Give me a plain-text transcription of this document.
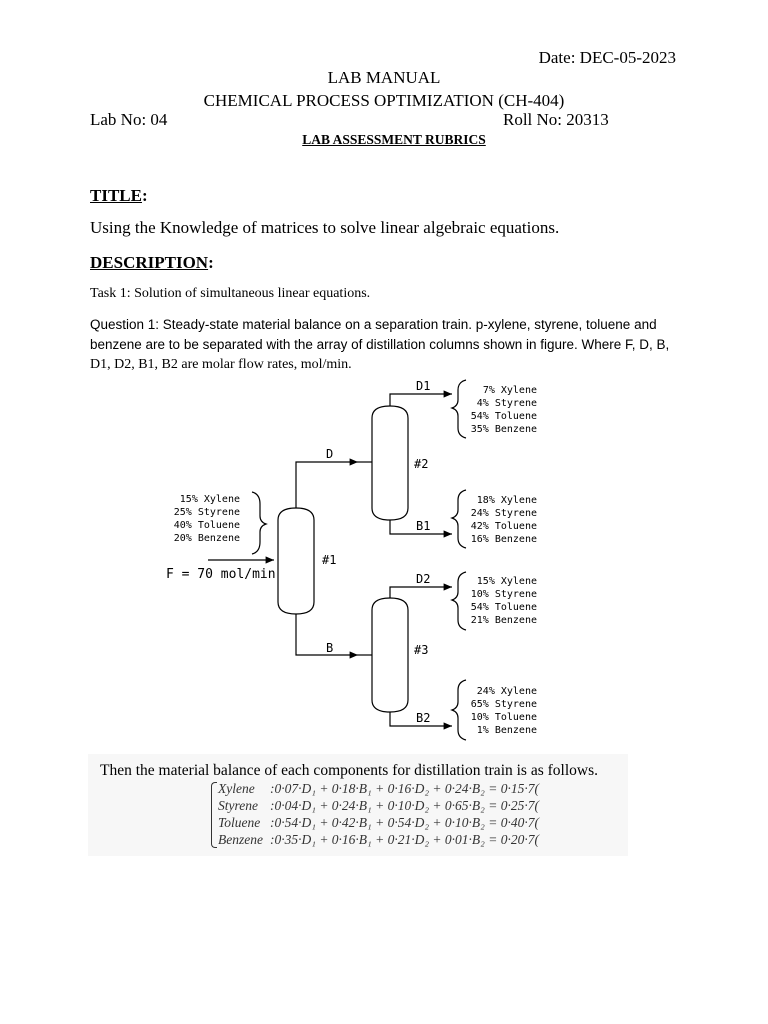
Date: DEC-05-2023
LAB MANUAL
CHEMICAL PROCESS OPTIMIZATION (CH-404)
Lab No: 04	Roll No: 20313
LAB ASSESSMENT RUBRICS
TITLE:
Using the Knowledge of matrices to solve linear algebraic equations.
DESCRIPTION:
Task 1: Solution of simultaneous linear equations.
Question 1: Steady-state material balance on a separation train. p-xylene, styrene, toluene and benzene are to be separated with the array of distillation columns shown in figure. Where F, D, B, D1, D2, B1, B2 are molar flow rates, mol/min.
15% Xylene
25% Styrene
40% Toluene
20% Benzene
F = 70 mol/min
#1
#2
#3
D
B
D1
B1
D2
B2
7% Xylene
4% Styrene
54% Toluene
35% Benzene
18% Xylene
24% Styrene
42% Toluene
16% Benzene
15% Xylene
10% Styrene
54% Toluene
21% Benzene
24% Xylene
65% Styrene
10% Toluene
1% Benzene
Then the material balance of each components for distillation train is as follows.
Xylene :0·07·D₁ + 0·18·B₁ + 0·16·D₂ + 0·24·B₂ = 0·15·7(
Styrene :0·04·D₁ + 0·24·B₁ + 0·10·D₂ + 0·65·B₂ = 0·25·7(
Toluene :0·54·D₁ + 0·42·B₁ + 0·54·D₂ + 0·10·B₂ = 0·40·7(
Benzene :0·35·D₁ + 0·16·B₁ + 0·21·D₂ + 0·01·B₂ = 0·20·7(
